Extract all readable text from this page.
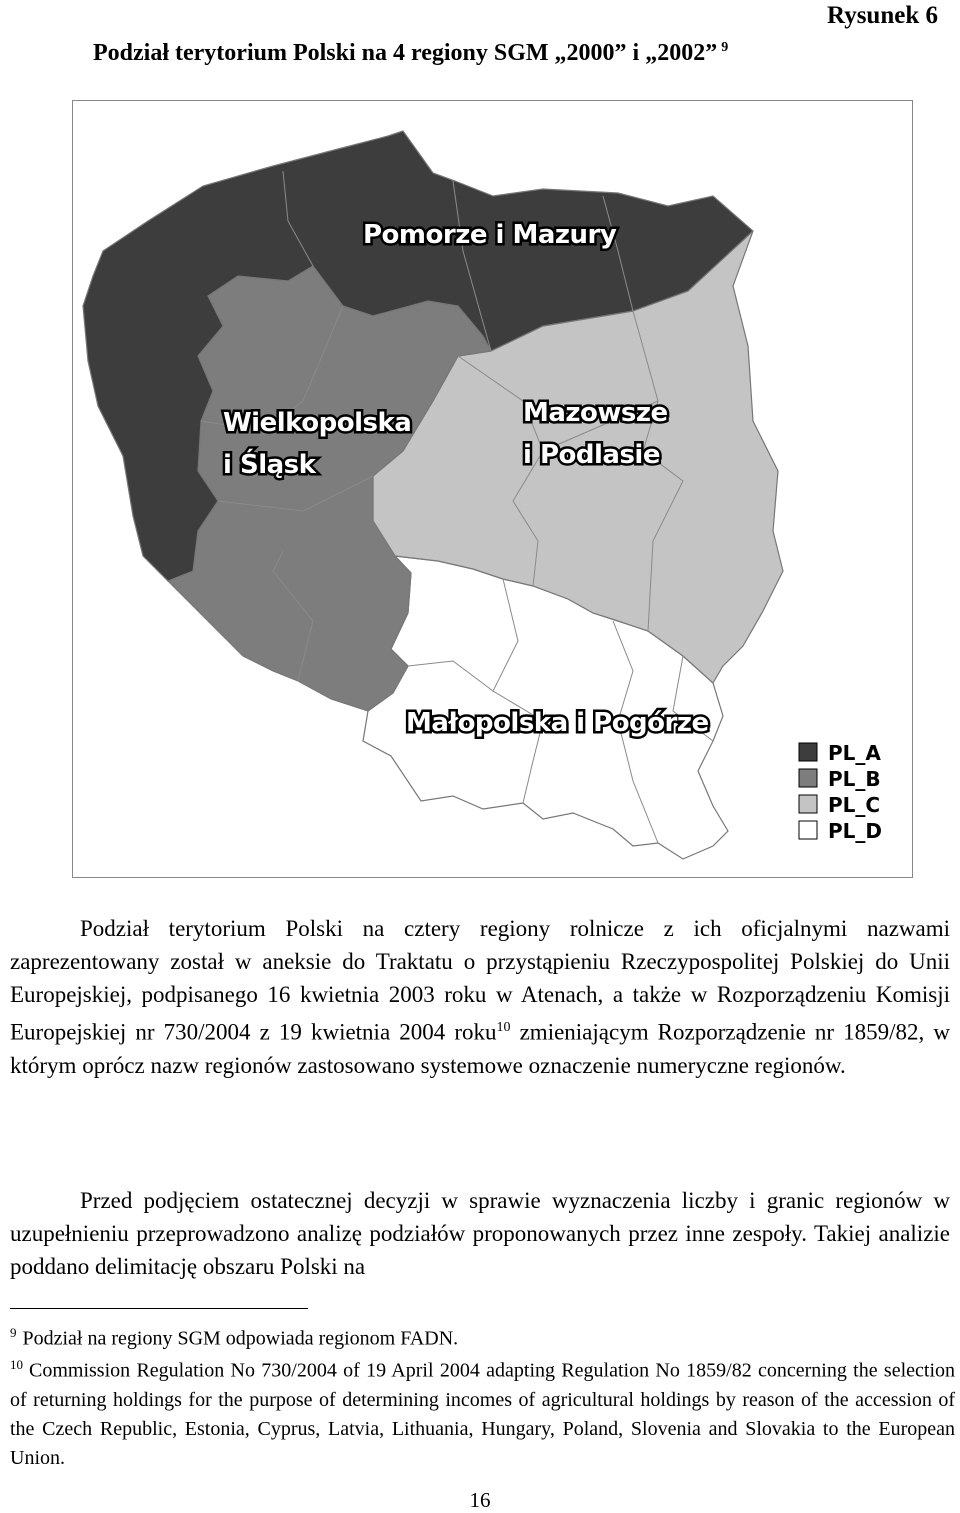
Rysunek 6
Podział terytorium Polski na 4 regiony SGM „2000” i „2002” $^9$
Pomorze i Mazury
Wielkopolska
i Śląsk
Mazowsze
i Podlasie
Małopolska i Pogórze
PL_A
PL_B
PL_C
PL_D

Podział terytorium Polski na cztery regiony rolnicze z ich oficjalnymi nazwami zaprezentowany został w aneksie do Traktatu o przystąpieniu Rzeczypospolitej Polskiej do Unii Europejskiej, podpisanego 16 kwietnia 2003 roku w Atenach, a także w Rozporządzeniu Komisji Europejskiej nr 730/2004 z 19 kwietnia 2004 roku$^{10}$ zmieniającym Rozporządzenie nr 1859/82, w którym oprócz nazw regionów zastosowano systemowe oznaczenie numeryczne regionów.

Przed podjęciem ostatecznej decyzji w sprawie wyznaczenia liczby i granic regionów w uzupełnieniu przeprowadzono analizę podziałów proponowanych przez inne zespoły. Takiej analizie poddano delimitację obszaru Polski na

$^9$ Podział na regiony SGM odpowiada regionom FADN.
$^{10}$ Commission Regulation No 730/2004 of 19 April 2004 adapting Regulation No 1859/82 concerning the selection of returning holdings for the purpose of determining incomes of agricultural holdings by reason of the accession of the Czech Republic, Estonia, Cyprus, Latvia, Lithuania, Hungary, Poland, Slovenia and Slovakia to the European Union.
16
